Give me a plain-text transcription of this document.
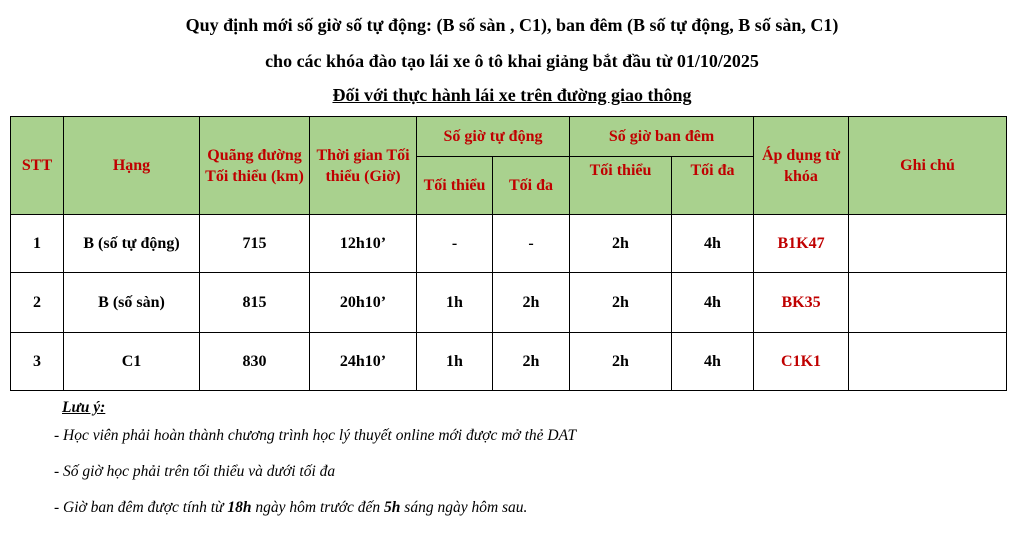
Quy định mới số giờ số tự động: (B số sàn , C1), ban đêm (B số tự động, B số sàn, C1)
cho các khóa đào tạo lái xe ô tô khai giảng bắt đầu từ 01/10/2025
Đối với thực hành lái xe trên đường giao thông
STT	Hạng	Quãng đường Tối thiểu (km)	Thời gian Tối thiểu (Giờ)	Số giờ tự động		Số giờ ban đêm		Áp dụng từ khóa	Ghi chú
				Tối thiểu	Tối đa	Tối thiểu	Tối đa		
1	B (số tự động)	715	12h10’	-	-	2h	4h	B1K47	
2	B (số sàn)	815	20h10’	1h	2h	2h	4h	BK35	
3	C1	830	24h10’	1h	2h	2h	4h	C1K1	
Lưu ý:
- Học viên phải hoàn thành chương trình học lý thuyết online mới được mở thẻ DAT
- Số giờ học phải trên tối thiểu và dưới tối đa
- Giờ ban đêm được tính từ 18h ngày hôm trước đến 5h sáng ngày hôm sau.
